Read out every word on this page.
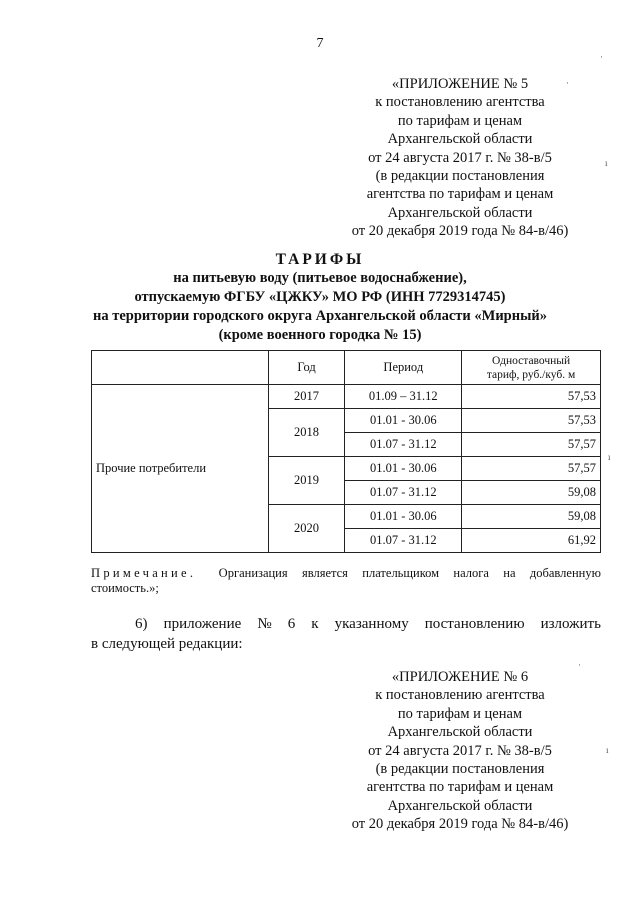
7
«ПРИЛОЖЕНИЕ № 5
к постановлению агентства
по тарифам и ценам
Архангельской области
от 24 августа 2017 г. № 38-в/5
(в редакции постановления
агентства по тарифам и ценам
Архангельской области
от 20 декабря 2019 года № 84-в/46)
ТАРИФЫ
на питьевую воду (питьевое водоснабжение),
отпускаемую ФГБУ «ЦЖКУ» МО РФ (ИНН 7729314745)
на территории городского округа Архангельской области «Мирный»
(кроме военного городка № 15)
	Год	Период	Одноставочный
тариф, руб./куб. м

Прочие потребители	2017	01.09 – 31.12	57,53
	2018	01.01 - 30.06	57,53
		01.07 - 31.12	57,57
	2019	01.01 - 30.06	57,57
		01.07 - 31.12	59,08
	2020	01.01 - 30.06	59,08
		01.07 - 31.12	61,92
Примечание. Организация является плательщиком налога на добавленную
стоимость.»;
6) приложение № 6 к указанному постановлению изложить
в следующей редакции:
«ПРИЛОЖЕНИЕ № 6
к постановлению агентства
по тарифам и ценам
Архангельской области
от 24 августа 2017 г. № 38-в/5
(в редакции постановления
агентства по тарифам и ценам
Архангельской области
от 20 декабря 2019 года № 84-в/46)
·
·
ı
ı
·
ı
